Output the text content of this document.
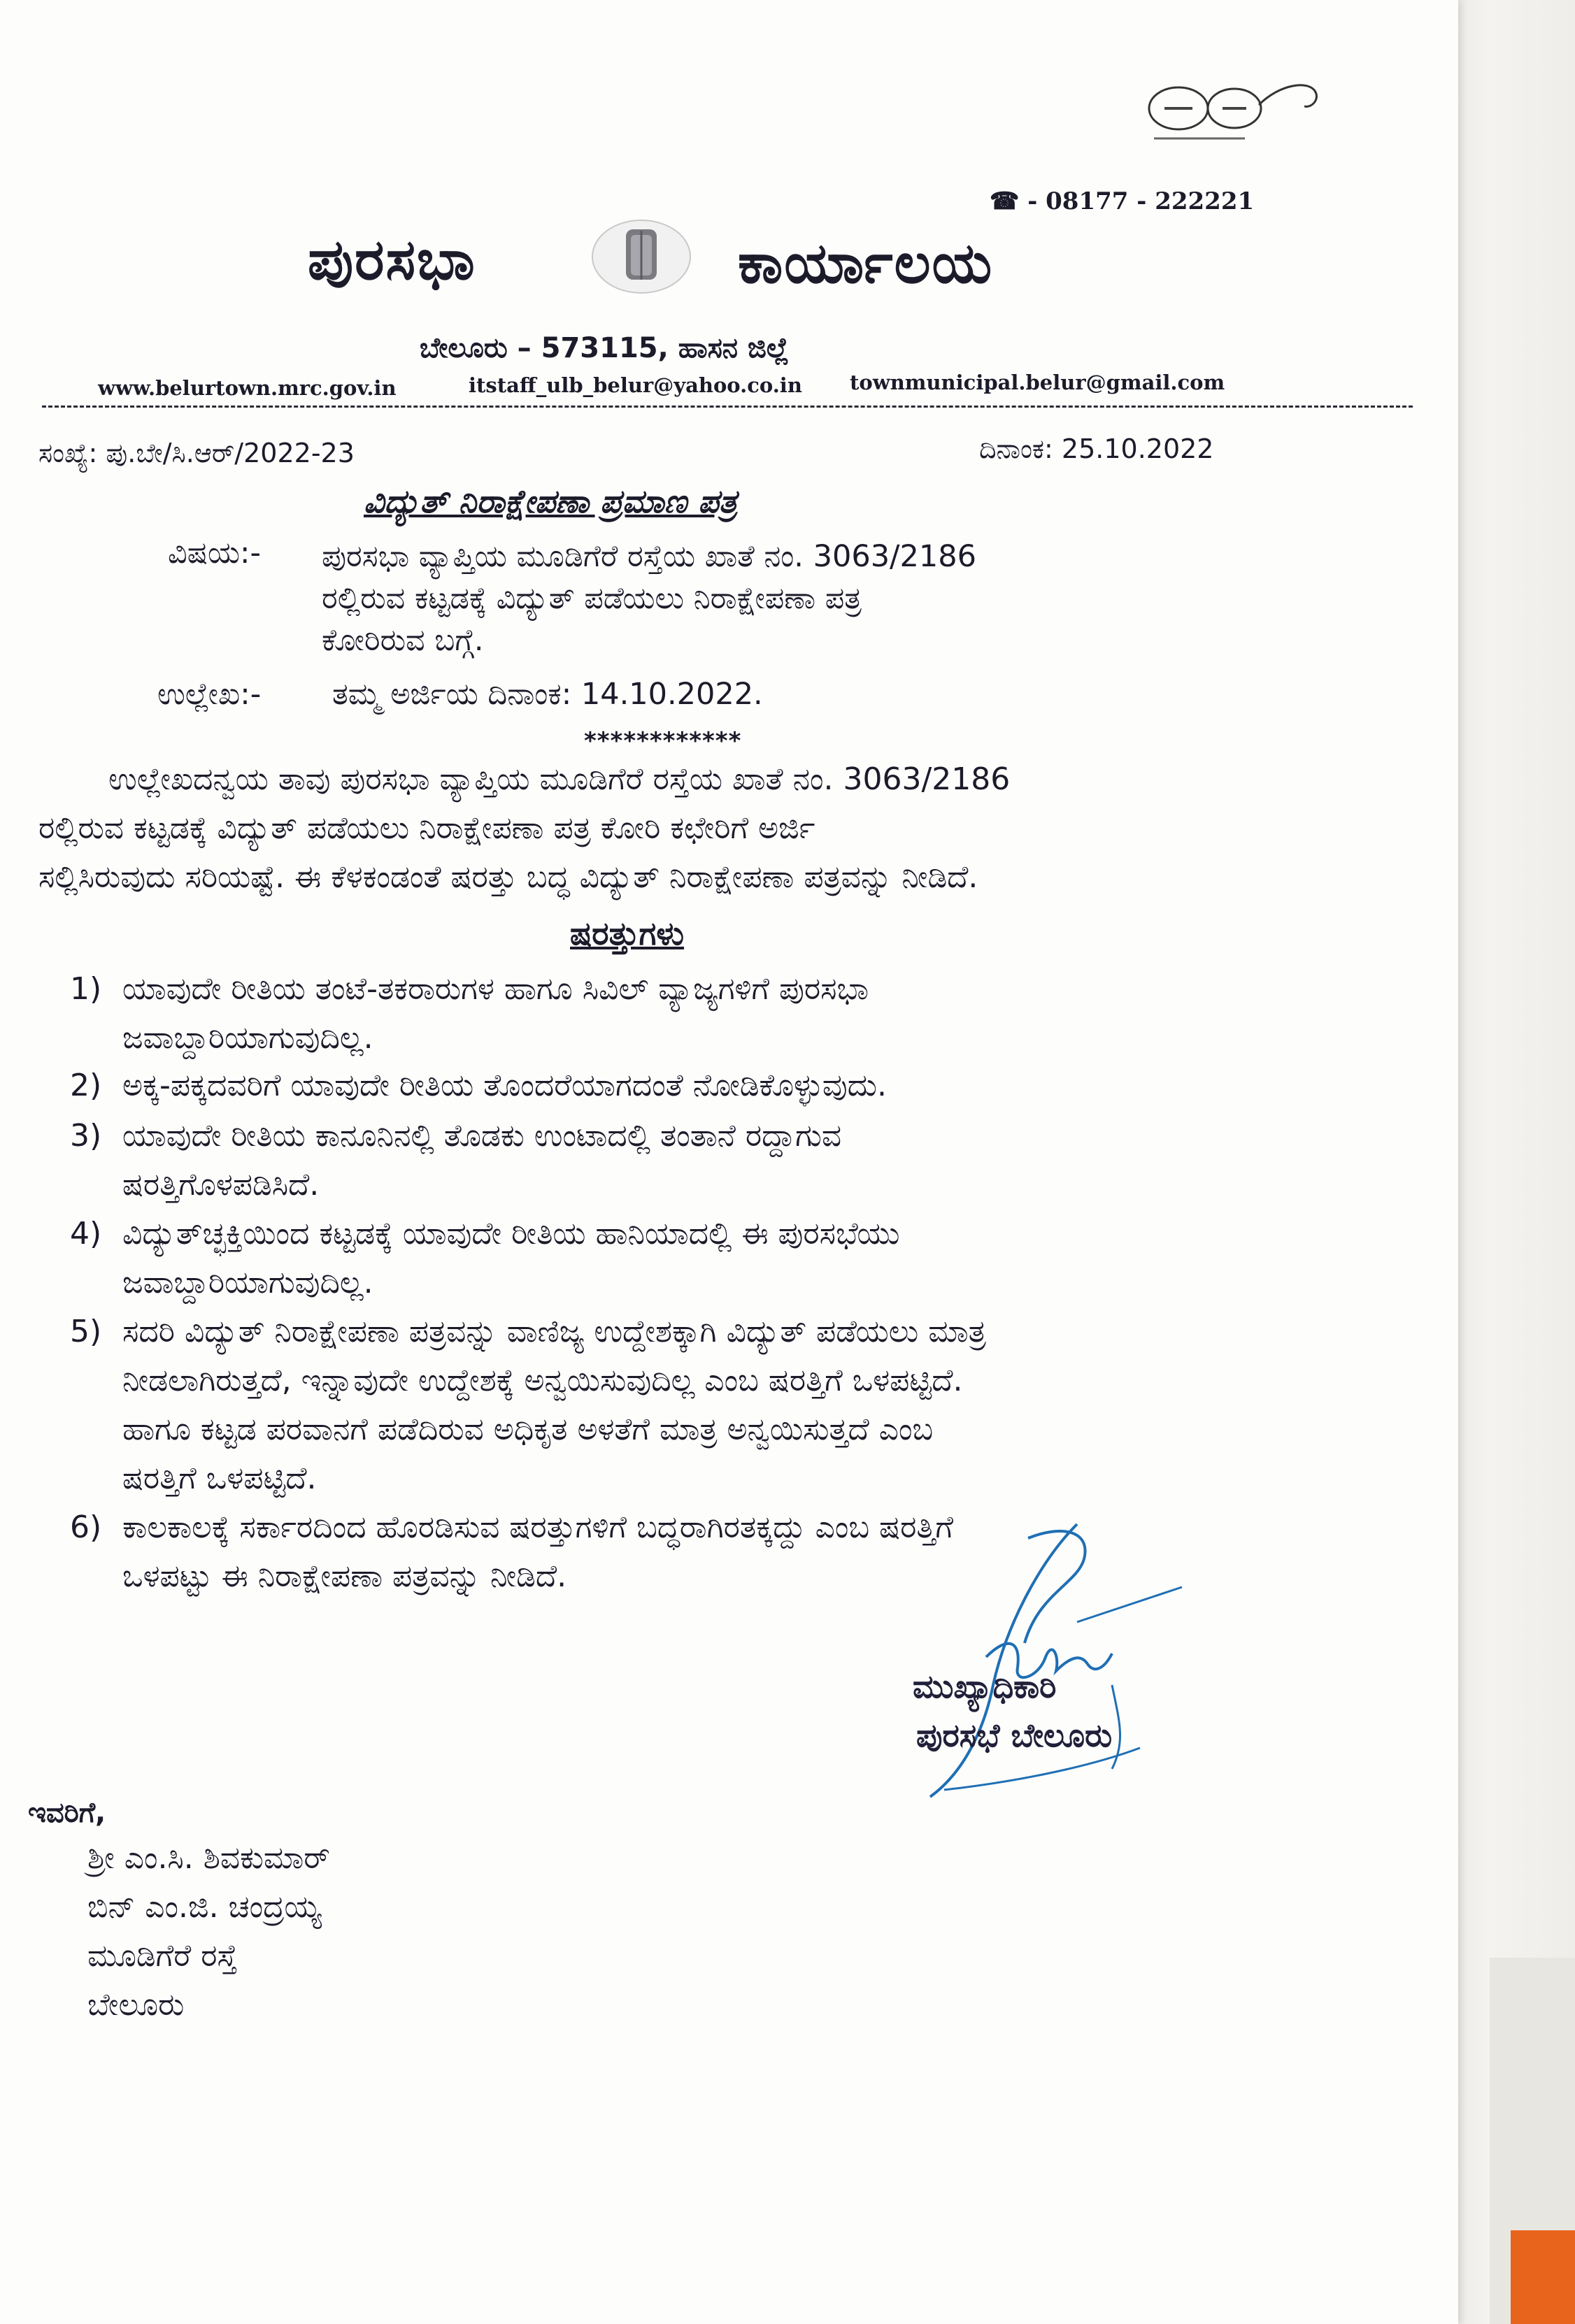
☎ - 08177 - 222221
ಪುರಸಭಾ	ಕಾರ್ಯಾಲಯ
ಬೇಲೂರು – 573115, ಹಾಸನ ಜಿಲ್ಲೆ
www.belurtown.mrc.gov.in	itstaff_ulb_belur@yahoo.co.in townmunicipal.belur@gmail.com
ಸಂಖ್ಯೆ: ಪು.ಬೇ/ಸಿ.ಆರ್/2022-23	ದಿನಾಂಕ: 25.10.2022
ವಿದ್ಯುತ್ ನಿರಾಕ್ಷೇಪಣಾ ಪ್ರಮಾಣ ಪತ್ರ
ವಿಷಯ:- ಪುರಸಭಾ ವ್ಯಾಪ್ತಿಯ ಮೂಡಿಗೆರೆ ರಸ್ತೆಯ ಖಾತೆ ನಂ. 3063/2186
ರಲ್ಲಿರುವ ಕಟ್ಟಡಕ್ಕೆ ವಿದ್ಯುತ್ ಪಡೆಯಲು ನಿರಾಕ್ಷೇಪಣಾ ಪತ್ರ
ಕೋರಿರುವ ಬಗ್ಗೆ.
ಉಲ್ಲೇಖ:- ತಮ್ಮ ಅರ್ಜಿಯ ದಿನಾಂಕ: 14.10.2022.
************
ಉಲ್ಲೇಖದನ್ವಯ ತಾವು ಪುರಸಭಾ ವ್ಯಾಪ್ತಿಯ ಮೂಡಿಗೆರೆ ರಸ್ತೆಯ ಖಾತೆ ನಂ. 3063/2186
ರಲ್ಲಿರುವ ಕಟ್ಟಡಕ್ಕೆ ವಿದ್ಯುತ್ ಪಡೆಯಲು ನಿರಾಕ್ಷೇಪಣಾ ಪತ್ರ ಕೋರಿ ಕಛೇರಿಗೆ ಅರ್ಜಿ
ಸಲ್ಲಿಸಿರುವುದು ಸರಿಯಷ್ಟೆ. ಈ ಕೆಳಕಂಡಂತೆ ಷರತ್ತು ಬದ್ಧ ವಿದ್ಯುತ್ ನಿರಾಕ್ಷೇಪಣಾ ಪತ್ರವನ್ನು ನೀಡಿದೆ.
ಷರತ್ತುಗಳು
1) ಯಾವುದೇ ರೀತಿಯ ತಂಟೆ-ತಕರಾರುಗಳ ಹಾಗೂ ಸಿವಿಲ್ ವ್ಯಾಜ್ಯಗಳಿಗೆ ಪುರಸಭಾ
ಜವಾಬ್ದಾರಿಯಾಗುವುದಿಲ್ಲ.
2) ಅಕ್ಕ-ಪಕ್ಕದವರಿಗೆ ಯಾವುದೇ ರೀತಿಯ ತೊಂದರೆಯಾಗದಂತೆ ನೋಡಿಕೊಳ್ಳುವುದು.
3) ಯಾವುದೇ ರೀತಿಯ ಕಾನೂನಿನಲ್ಲಿ ತೊಡಕು ಉಂಟಾದಲ್ಲಿ ತಂತಾನೆ ರದ್ದಾಗುವ
ಷರತ್ತಿಗೊಳಪಡಿಸಿದೆ.
4) ವಿದ್ಯುತ್‌ಚ್ಛಕ್ತಿಯಿಂದ ಕಟ್ಟಡಕ್ಕೆ ಯಾವುದೇ ರೀತಿಯ ಹಾನಿಯಾದಲ್ಲಿ ಈ ಪುರಸಭೆಯು
ಜವಾಬ್ದಾರಿಯಾಗುವುದಿಲ್ಲ.
5) ಸದರಿ ವಿದ್ಯುತ್ ನಿರಾಕ್ಷೇಪಣಾ ಪತ್ರವನ್ನು ವಾಣಿಜ್ಯ ಉದ್ದೇಶಕ್ಕಾಗಿ ವಿದ್ಯುತ್ ಪಡೆಯಲು ಮಾತ್ರ
ನೀಡಲಾಗಿರುತ್ತದೆ, ಇನ್ನಾವುದೇ ಉದ್ದೇಶಕ್ಕೆ ಅನ್ವಯಿಸುವುದಿಲ್ಲ ಎಂಬ ಷರತ್ತಿಗೆ ಒಳಪಟ್ಟಿದೆ.
ಹಾಗೂ ಕಟ್ಟಡ ಪರವಾನಗೆ ಪಡೆದಿರುವ ಅಧಿಕೃತ ಅಳತೆಗೆ ಮಾತ್ರ ಅನ್ವಯಿಸುತ್ತದೆ ಎಂಬ
ಷರತ್ತಿಗೆ ಒಳಪಟ್ಟಿದೆ.
6) ಕಾಲಕಾಲಕ್ಕೆ ಸರ್ಕಾರದಿಂದ ಹೊರಡಿಸುವ ಷರತ್ತುಗಳಿಗೆ ಬದ್ಧರಾಗಿರತಕ್ಕದ್ದು ಎಂಬ ಷರತ್ತಿಗೆ
ಒಳಪಟ್ಟು ಈ ನಿರಾಕ್ಷೇಪಣಾ ಪತ್ರವನ್ನು ನೀಡಿದೆ.
ಮುಖ್ಯಾಧಿಕಾರಿ
ಪುರಸಭೆ ಬೇಲೂರು
ಇವರಿಗೆ,
ಶ್ರೀ ಎಂ.ಸಿ. ಶಿವಕುಮಾರ್
ಬಿನ್ ಎಂ.ಜಿ. ಚಂದ್ರಯ್ಯ
ಮೂಡಿಗೆರೆ ರಸ್ತೆ
ಬೇಲೂರು
